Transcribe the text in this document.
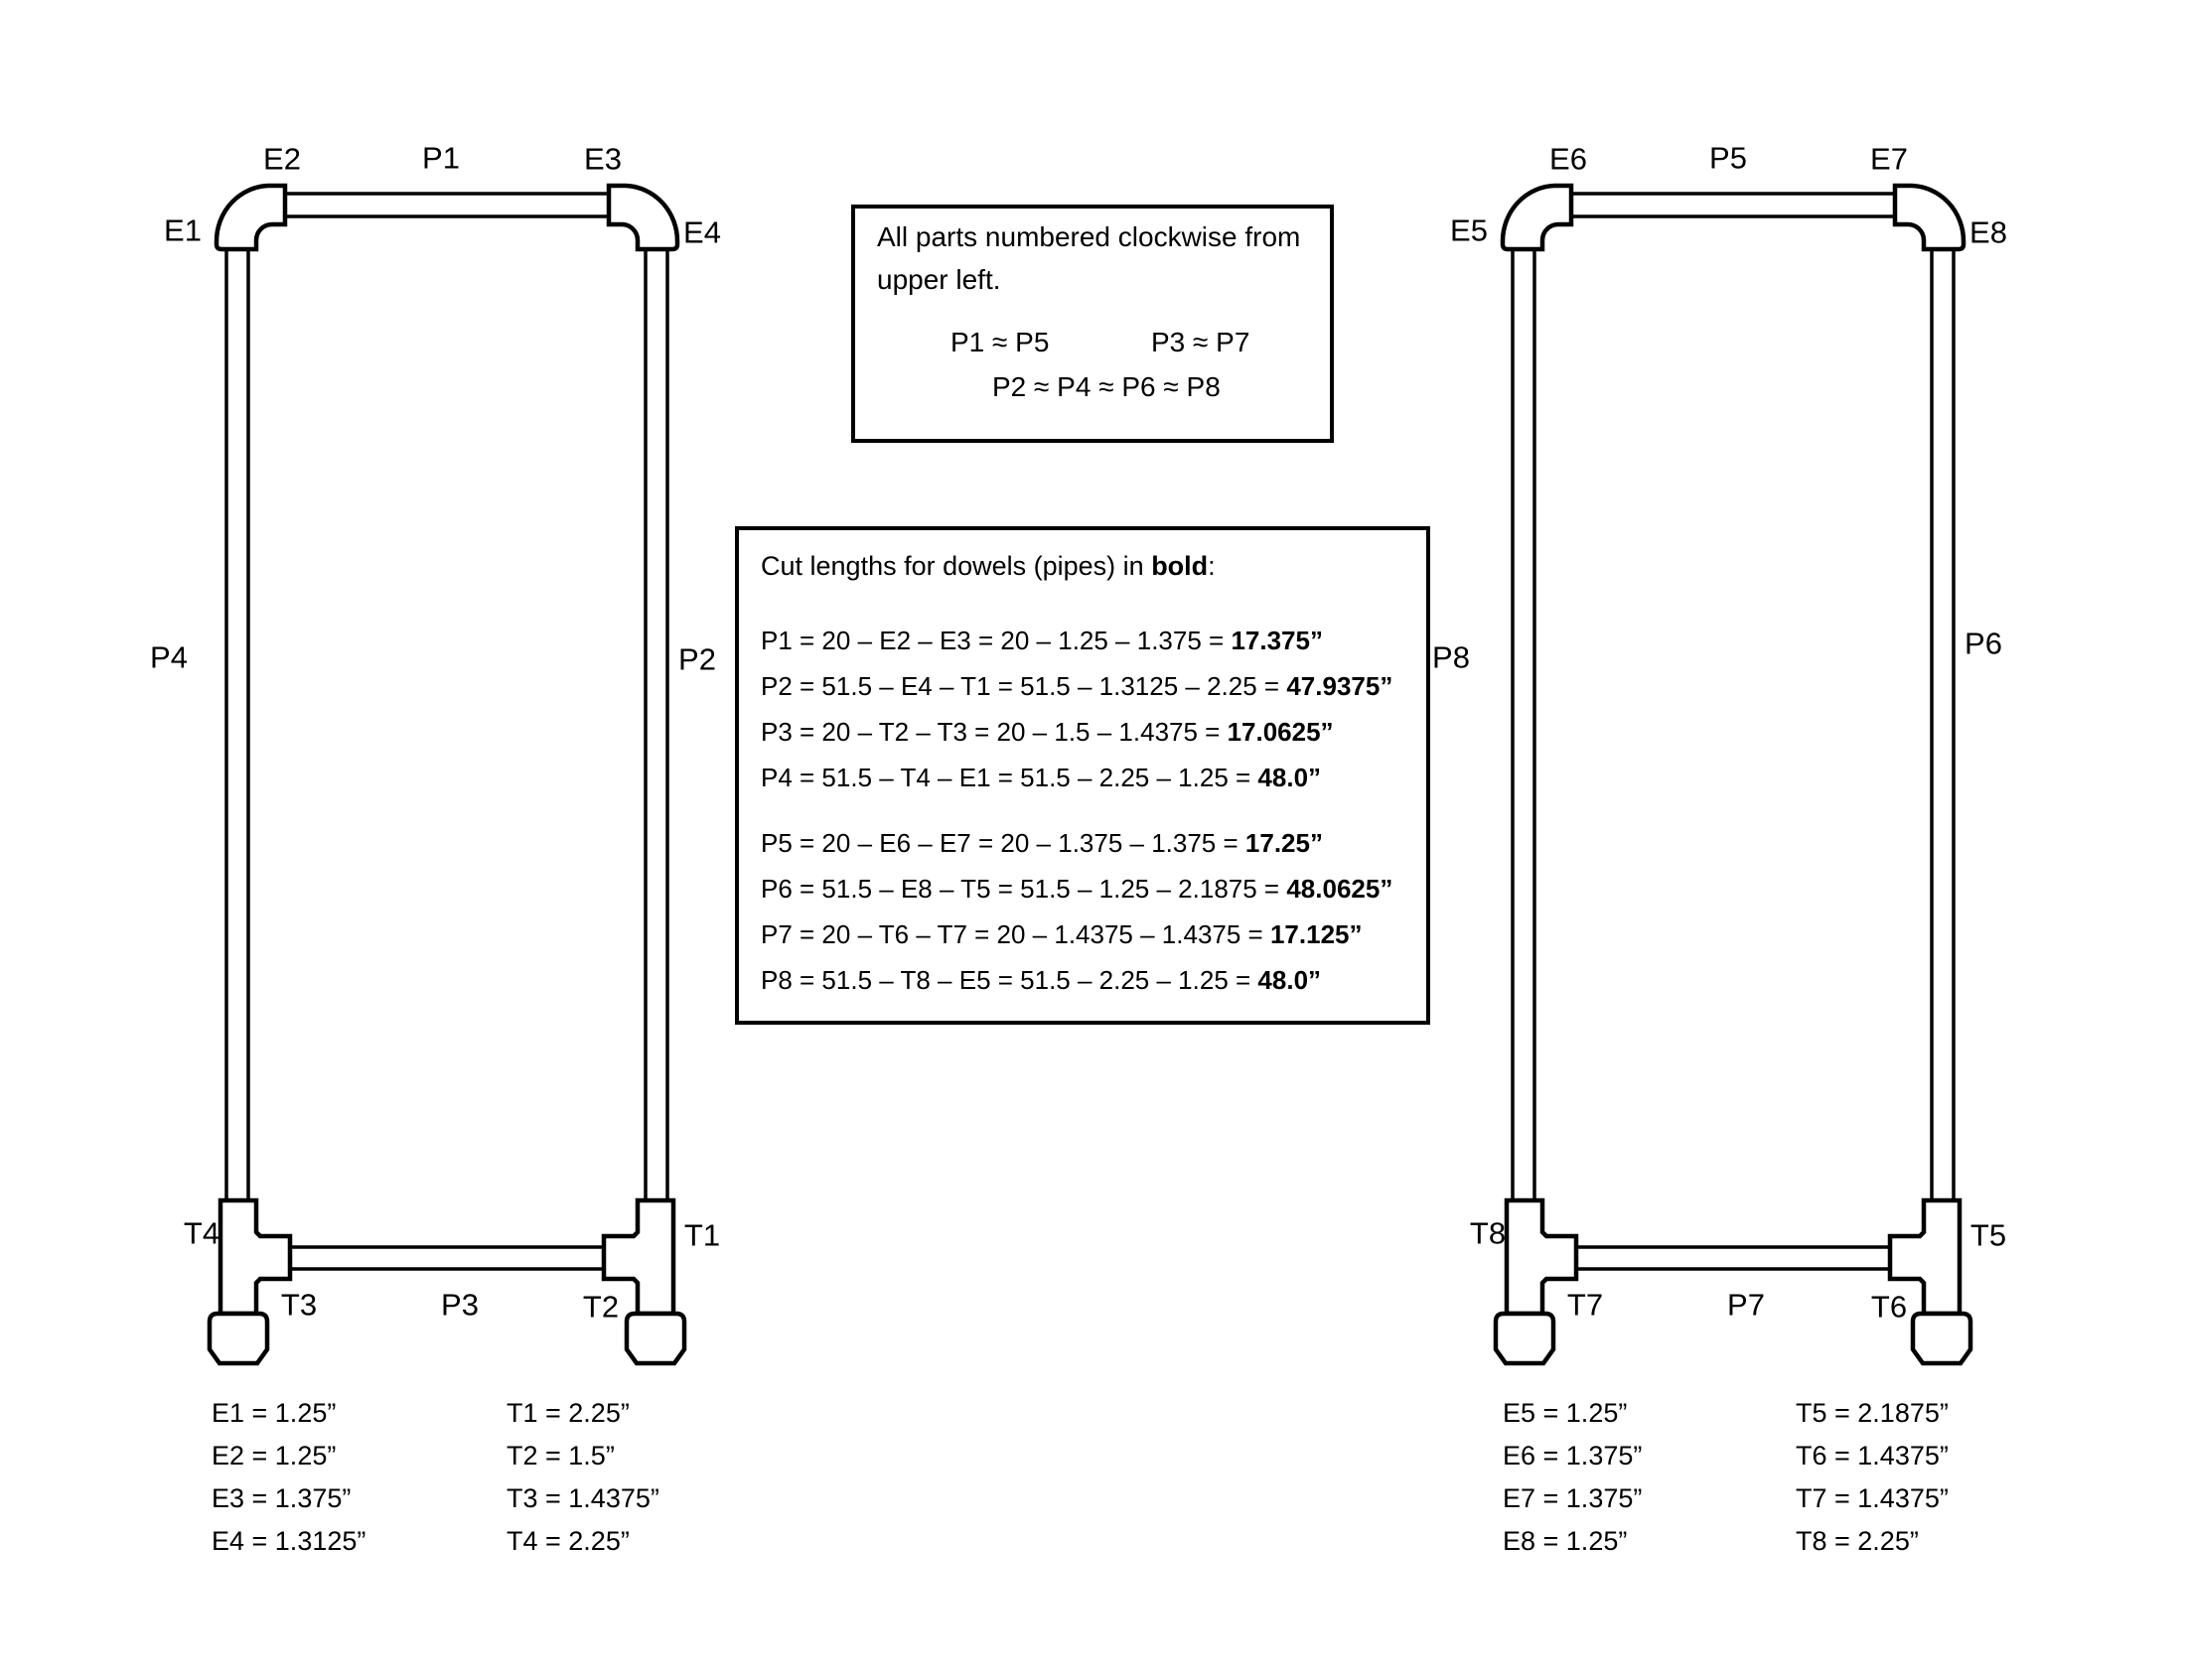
E1
E2	P1	E3
E4
P4	P2
T4	T1
T3	P3	T2
E5
E6	P5	E7
E8
P8	P6
T8	T5
T7	P7	T6
All parts numbered clockwise from
upper left.
P1 ≈ P5	P3 ≈ P7
P2 ≈ P4 ≈ P6 ≈ P8
Cut lengths for dowels (pipes) in bold:
P1 = 20 – E2 – E3 = 20 – 1.25 – 1.375 = 17.375”
P2 = 51.5 – E4 – T1 = 51.5 – 1.3125 – 2.25 = 47.9375”
P3 = 20 – T2 – T3 = 20 – 1.5 – 1.4375 = 17.0625”
P4 = 51.5 – T4 – E1 = 51.5 – 2.25 – 1.25 = 48.0”
P5 = 20 – E6 – E7 = 20 – 1.375 – 1.375 = 17.25”
P6 = 51.5 – E8 – T5 = 51.5 – 1.25 – 2.1875 = 48.0625”
P7 = 20 – T6 – T7 = 20 – 1.4375 – 1.4375 = 17.125”
P8 = 51.5 – T8 – E5 = 51.5 – 2.25 – 1.25 = 48.0”
E1 = 1.25”
E2 = 1.25”
E3 = 1.375”
E4 = 1.3125”
T1 = 2.25”
T2 = 1.5”
T3 = 1.4375”
T4 = 2.25”
E5 = 1.25”
E6 = 1.375”
E7 = 1.375”
E8 = 1.25”
T5 = 2.1875”
T6 = 1.4375”
T7 = 1.4375”
T8 = 2.25”
